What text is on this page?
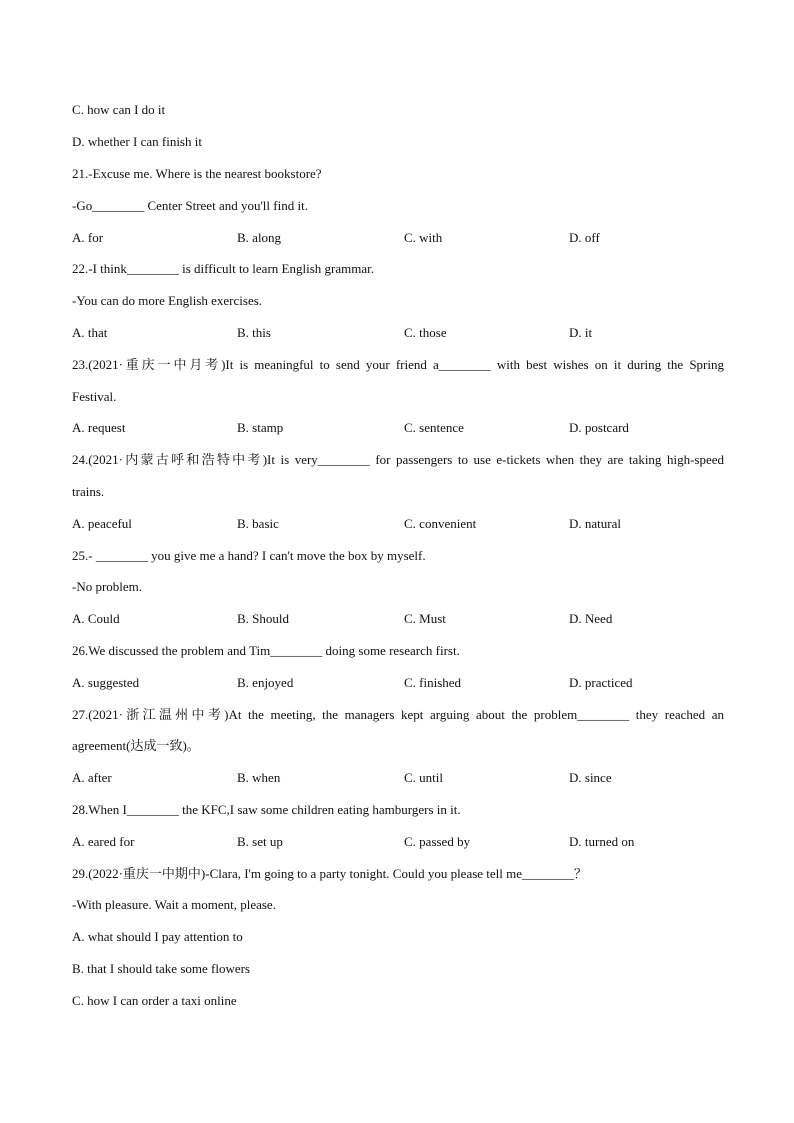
C. how can I do it
D. whether I can finish it
21.-Excuse me. Where is the nearest bookstore?
-Go________ Center Street and you'll find it.
A. for	B. along	C. with	D. off
22.-I think________ is difficult to learn English grammar.
-You can do more English exercises.
A. that	B. this	C. those	D. it
23.(2021·重庆一中月考)It is meaningful to send your friend a________ with best wishes on it during the Spring
Festival.
A. request	B. stamp	C. sentence	D. postcard
24.(2021·内蒙古呼和浩特中考)It is very________ for passengers to use e-tickets when they are taking high-speed
trains.
A. peaceful	B. basic	C. convenient	D. natural
25.- ________ you give me a hand? I can't move the box by myself.
-No problem.
A. Could	B. Should	C. Must	D. Need
26.We discussed the problem and Tim________ doing some research first.
A. suggested	B. enjoyed	C. finished	D. practiced
27.(2021·浙江温州中考)At the meeting, the managers kept arguing about the problem________ they reached an
agreement(达成一致)。
A. after	B. when	C. until	D. since
28.When I________ the KFC,I saw some children eating hamburgers in it.
A. eared for	B. set up	C. passed by	D. turned on
29.(2022·重庆一中期中)-Clara, I'm going to a party tonight. Could you please tell me________？
-With pleasure. Wait a moment, please.
A. what should I pay attention to
B. that I should take some flowers
C. how I can order a taxi online
